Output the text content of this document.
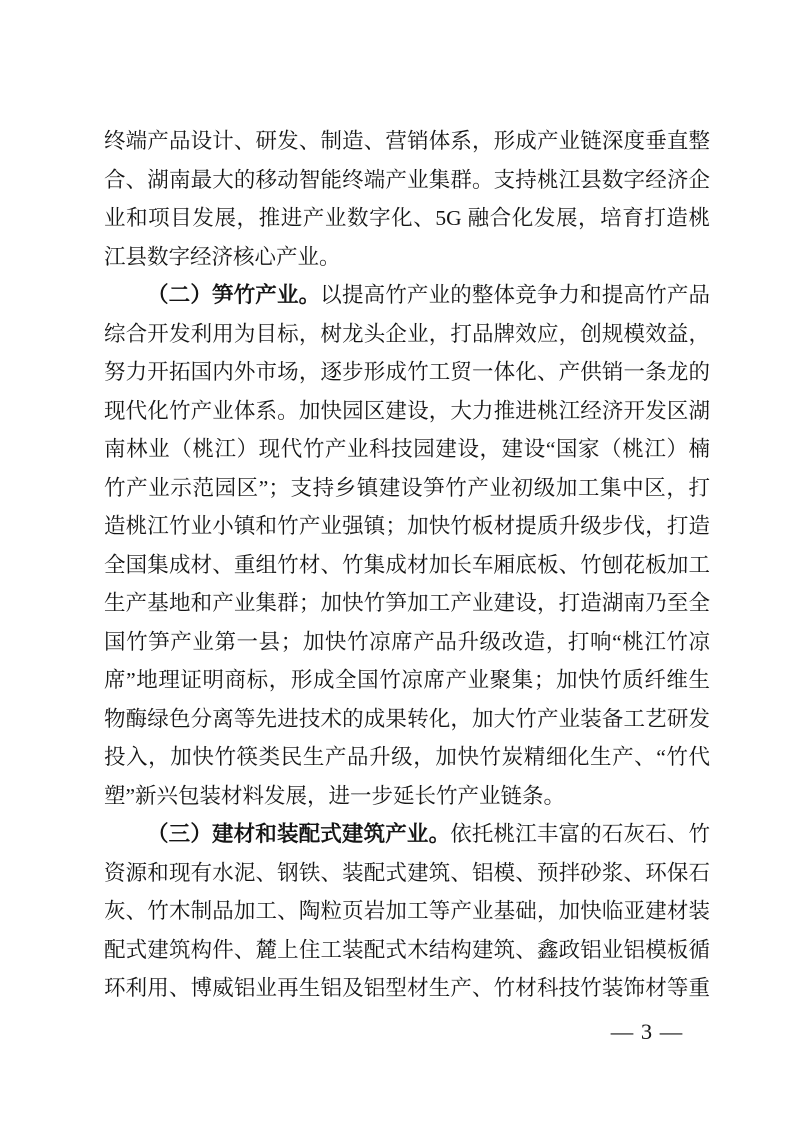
终端产品设计、研发、制造、营销体系，形成产业链深度垂直整
合、湖南最大的移动智能终端产业集群。支持桃江县数字经济企
业和项目发展，推进产业数字化、5G 融合化发展，培育打造桃
江县数字经济核心产业。
（二）笋竹产业。以提高竹产业的整体竞争力和提高竹产品
综合开发利用为目标，树龙头企业，打品牌效应，创规模效益，
努力开拓国内外市场，逐步形成竹工贸一体化、产供销一条龙的
现代化竹产业体系。加快园区建设，大力推进桃江经济开发区湖
南林业（桃江）现代竹产业科技园建设，建设“国家（桃江）楠
竹产业示范园区”；支持乡镇建设笋竹产业初级加工集中区，打
造桃江竹业小镇和竹产业强镇；加快竹板材提质升级步伐，打造
全国集成材、重组竹材、竹集成材加长车厢底板、竹刨花板加工
生产基地和产业集群；加快竹笋加工产业建设，打造湖南乃至全
国竹笋产业第一县；加快竹凉席产品升级改造，打响“桃江竹凉
席”地理证明商标，形成全国竹凉席产业聚集；加快竹质纤维生
物酶绿色分离等先进技术的成果转化，加大竹产业装备工艺研发
投入，加快竹筷类民生产品升级，加快竹炭精细化生产、“竹代
塑”新兴包装材料发展，进一步延长竹产业链条。
（三）建材和装配式建筑产业。依托桃江丰富的石灰石、竹
资源和现有水泥、钢铁、装配式建筑、铝模、预拌砂浆、环保石
灰、竹木制品加工、陶粒页岩加工等产业基础，加快临亚建材装
配式建筑构件、麓上住工装配式木结构建筑、鑫政铝业铝模板循
环利用、博威铝业再生铝及铝型材生产、竹材科技竹装饰材等重
— 3 —
